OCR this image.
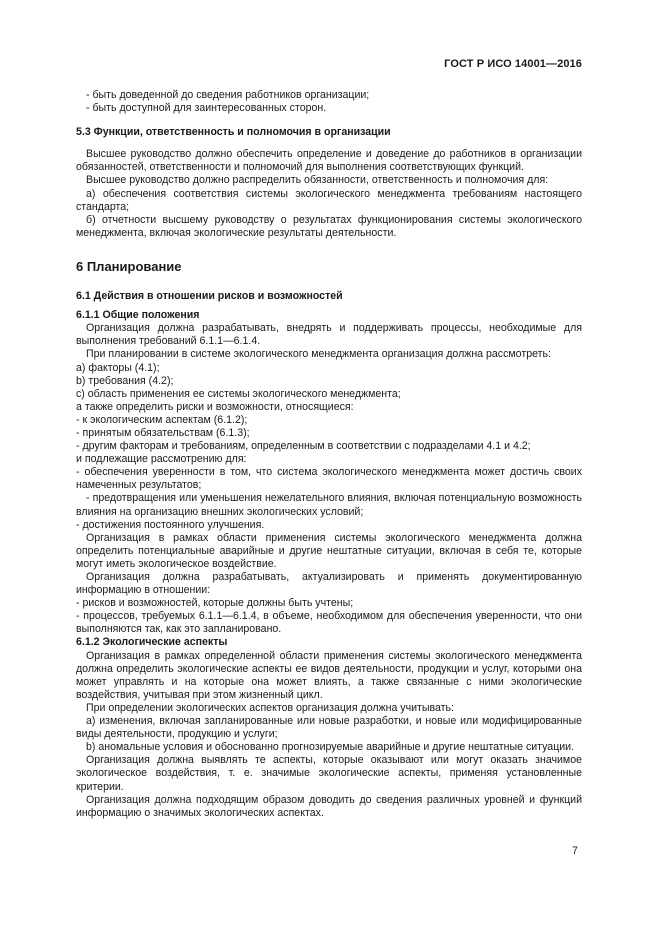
ГОСТ Р ИСО 14001—2016

- быть доведенной до сведения работников организации;

- быть доступной для заинтересованных сторон.

5.3 Функции, ответственность и полномочия в организации

Высшее руководство должно обеспечить определение и доведение до работников в организации обязанностей, ответственности и полномочий для выполнения соответствующих функций.

Высшее руководство должно распределить обязанности, ответственность и полномочия для:

а) обеспечения соответствия системы экологического менеджмента требованиям настоящего стандарта;

б) отчетности высшему руководству о результатах функционирования системы экологического менеджмента, включая экологические результаты деятельности.

6 Планирование

6.1 Действия в отношении рисков и возможностей

6.1.1 Общие положения

Организация должна разрабатывать, внедрять и поддерживать процессы, необходимые для выполнения требований 6.1.1—6.1.4.

При планировании в системе экологического менеджмента организация должна рассмотреть:

а) факторы (4.1);

b) требования (4.2);

с) область применения ее системы экологического менеджмента;

а также определить риски и возможности, относящиеся:

- к экологическим аспектам (6.1.2);

- принятым обязательствам (6.1.3);

- другим факторам и требованиям, определенным в соответствии с подразделами 4.1 и 4.2;

и подлежащие рассмотрению для:

- обеспечения уверенности в том, что система экологического менеджмента может достичь своих намеченных результатов;

- предотвращения или уменьшения нежелательного влияния, включая потенциальную возможность влияния на организацию внешних экологических условий;

- достижения постоянного улучшения.

Организация в рамках области применения системы экологического менеджмента должна определить потенциальные аварийные и другие нештатные ситуации, включая в себя те, которые могут иметь экологическое воздействие.

Организация должна разрабатывать, актуализировать и применять документированную информацию в отношении:

- рисков и возможностей, которые должны быть учтены;

- процессов, требуемых 6.1.1—6.1.4, в объеме, необходимом для обеспечения уверенности, что они выполняются так, как это запланировано.

6.1.2 Экологические аспекты

Организация в рамках определенной области применения системы экологического менеджмента должна определить экологические аспекты ее видов деятельности, продукции и услуг, которыми она может управлять и на которые она может влиять, а также связанные с ними экологические воздействия, учитывая при этом жизненный цикл.

При определении экологических аспектов организация должна учитывать:

а) изменения, включая запланированные или новые разработки, и новые или модифицированные виды деятельности, продукцию и услуги;

b) аномальные условия и обоснованно прогнозируемые аварийные и другие нештатные ситуации.

Организация должна выявлять те аспекты, которые оказывают или могут оказать значимое экологическое воздействия, т. е. значимые экологические аспекты, применяя установленные критерии.

Организация должна подходящим образом доводить до сведения различных уровней и функций информацию о значимых экологических аспектах.

7
